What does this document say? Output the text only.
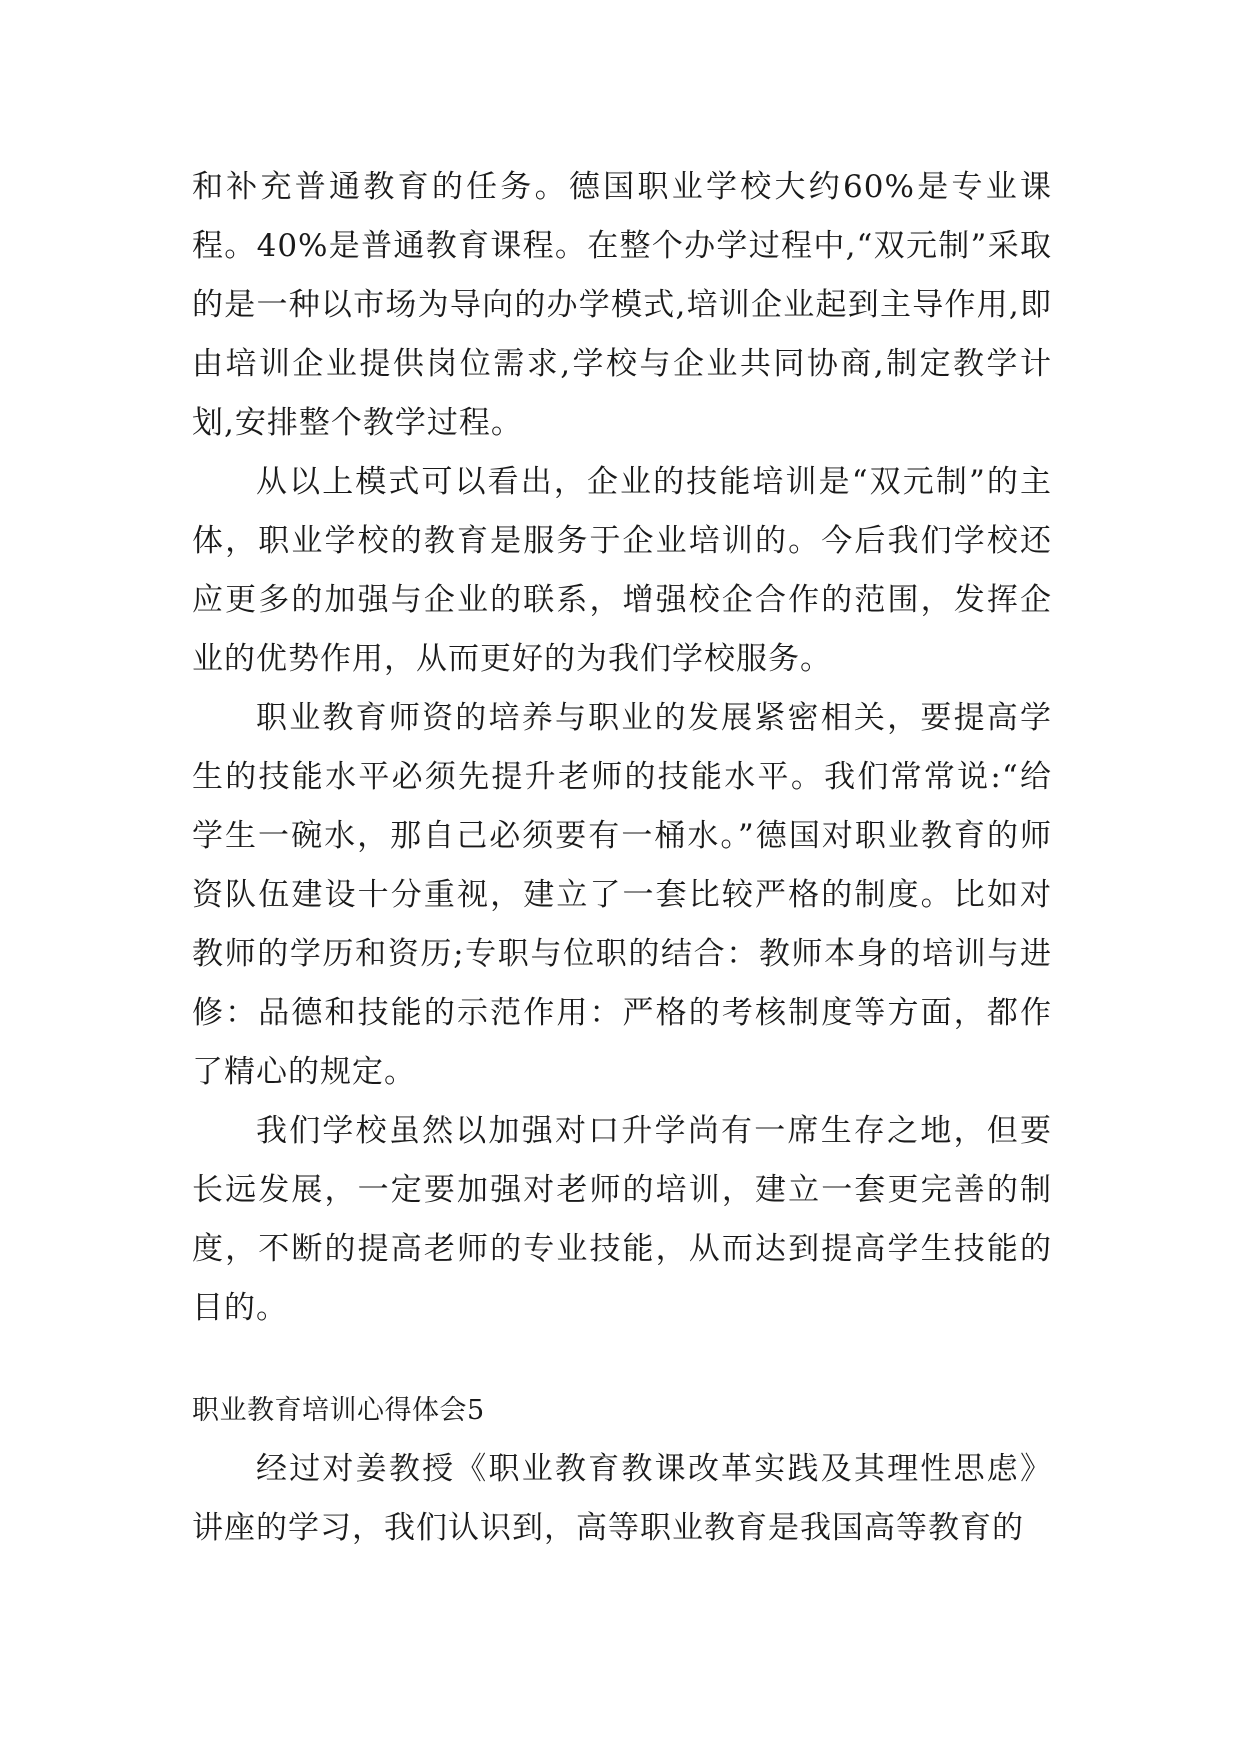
和补充普通教育的任务。德国职业学校大约60%是专业课程。40%是普通教育课程。在整个办学过程中,“双元制”采取的是一种以市场为导向的办学模式,培训企业起到主导作用,即由培训企业提供岗位需求,学校与企业共同协商,制定教学计划,安排整个教学过程。

从以上模式可以看出，企业的技能培训是“双元制”的主体，职业学校的教育是服务于企业培训的。今后我们学校还应更多的加强与企业的联系，增强校企合作的范围，发挥企业的优势作用，从而更好的为我们学校服务。

职业教育师资的培养与职业的发展紧密相关，要提高学生的技能水平必须先提升老师的技能水平。我们常常说:“给学生一碗水，那自己必须要有一桶水。”德国对职业教育的师资队伍建设十分重视，建立了一套比较严格的制度。比如对教师的学历和资历;专职与位职的结合：教师本身的培训与进修：品德和技能的示范作用：严格的考核制度等方面，都作了精心的规定。

我们学校虽然以加强对口升学尚有一席生存之地，但要长远发展，一定要加强对老师的培训，建立一套更完善的制度，不断的提高老师的专业技能，从而达到提高学生技能的目的。

职业教育培训心得体会5

经过对姜教授《职业教育教课改革实践及其理性思虑》讲座的学习，我们认识到，高等职业教育是我国高等教育的
